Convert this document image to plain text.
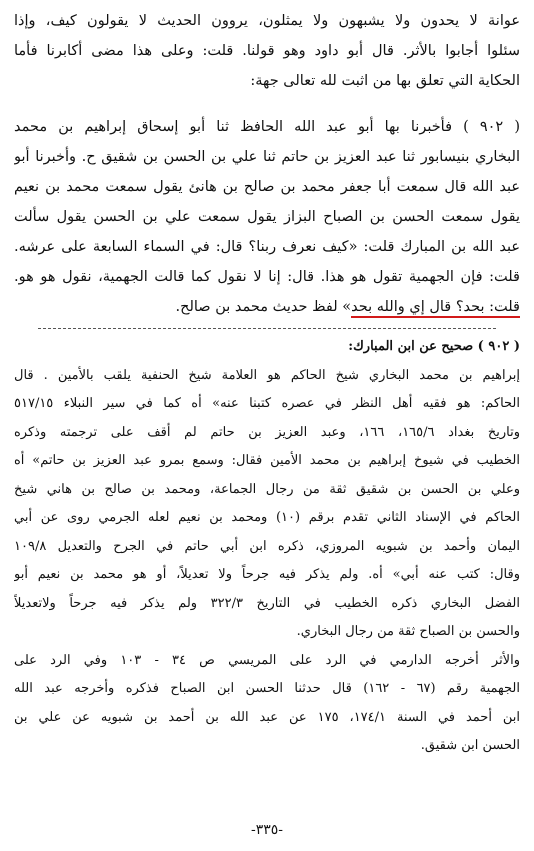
عوانة لا يحدون ولا يشبهون ولا يمثلون، يروون الحديث لا يقولون كيف، وإذا
سئلوا أجابوا بالأثر. قال أبو داود وهو قولنا. قلت: وعلى هذا مضى أكابرنا فأما
الحكاية التي تعلق بها من اثبت لله تعالى جهة:
( ٩٠٢ ) فأخبرنا بها أبو عبد الله الحافظ ثنا أبو إسحاق إبراهيم بن محمد
البخاري بنيسابور ثنا عبد العزيز بن حاتم ثنا علي بن الحسن بن شقيق ح. وأخبرنا أبو
عبد الله قال سمعت أبا جعفر محمد بن صالح بن هانئ يقول سمعت محمد بن نعيم
يقول سمعت الحسن بن الصباح البزاز يقول سمعت علي بن الحسن يقول سألت
عبد الله بن المبارك قلت: «كيف نعرف ربنا؟ قال: في السماء السابعة على عرشه.
قلت: فإن الجهمية تقول هو هذا. قال: إنا لا نقول كما قالت الجهمية، نقول هو هو.
قلت: بحد؟ قال إي والله بحد» لفظ حديث محمد بن صالح.
( ٩٠٢ ) صحيح عن ابن المبارك:
إبراهيم بن محمد البخاري شيخ الحاكم هو العلامة شيخ الحنفية يلقب بالأمين . قال
الحاكم: هو فقيه أهل النظر في عصره كتبنا عنه» أه كما في سير النبلاء ٥١٧/١٥
وتاريخ بغداد ١٦٥/٦، ١٦٦، وعبد العزيز بن حاتم لم أقف على ترجمته وذكره
الخطيب في شيوخ إبراهيم بن محمد الأمين فقال: وسمع بمرو عبد العزيز بن حاتم» أه
وعلي بن الحسن بن شقيق ثقة من رجال الجماعة، ومحمد بن صالح بن هاني شيخ
الحاكم في الإسناد الثاني تقدم برقم (١٠) ومحمد بن نعيم لعله الجرمي روى عن أبي
اليمان وأحمد بن شبويه المروزي، ذكره ابن أبي حاتم في الجرح والتعديل ١٠٩/٨
وقال: كتب عنه أبي» أه. ولم يذكر فيه جرحاً ولا تعديلاً، أو هو محمد بن نعيم أبو
الفضل البخاري ذكره الخطيب في التاريخ ٣٢٢/٣ ولم يذكر فيه جرحاً ولاتعديلاً
والحسن بن الصباح ثقة من رجال البخاري.
والأثر أخرجه الدارمي في الرد على المريسي ص ٣٤ - ١٠٣ وفي الرد على
الجهمية رقم (٦٧ - ١٦٢) قال حدثنا الحسن ابن الصباح فذكره وأخرجه عبد الله
ابن أحمد في السنة ١٧٤/١، ١٧٥ عن عبد الله بن أحمد بن شبويه عن علي بن
الحسن ابن شقيق.
-٣٣٥-
